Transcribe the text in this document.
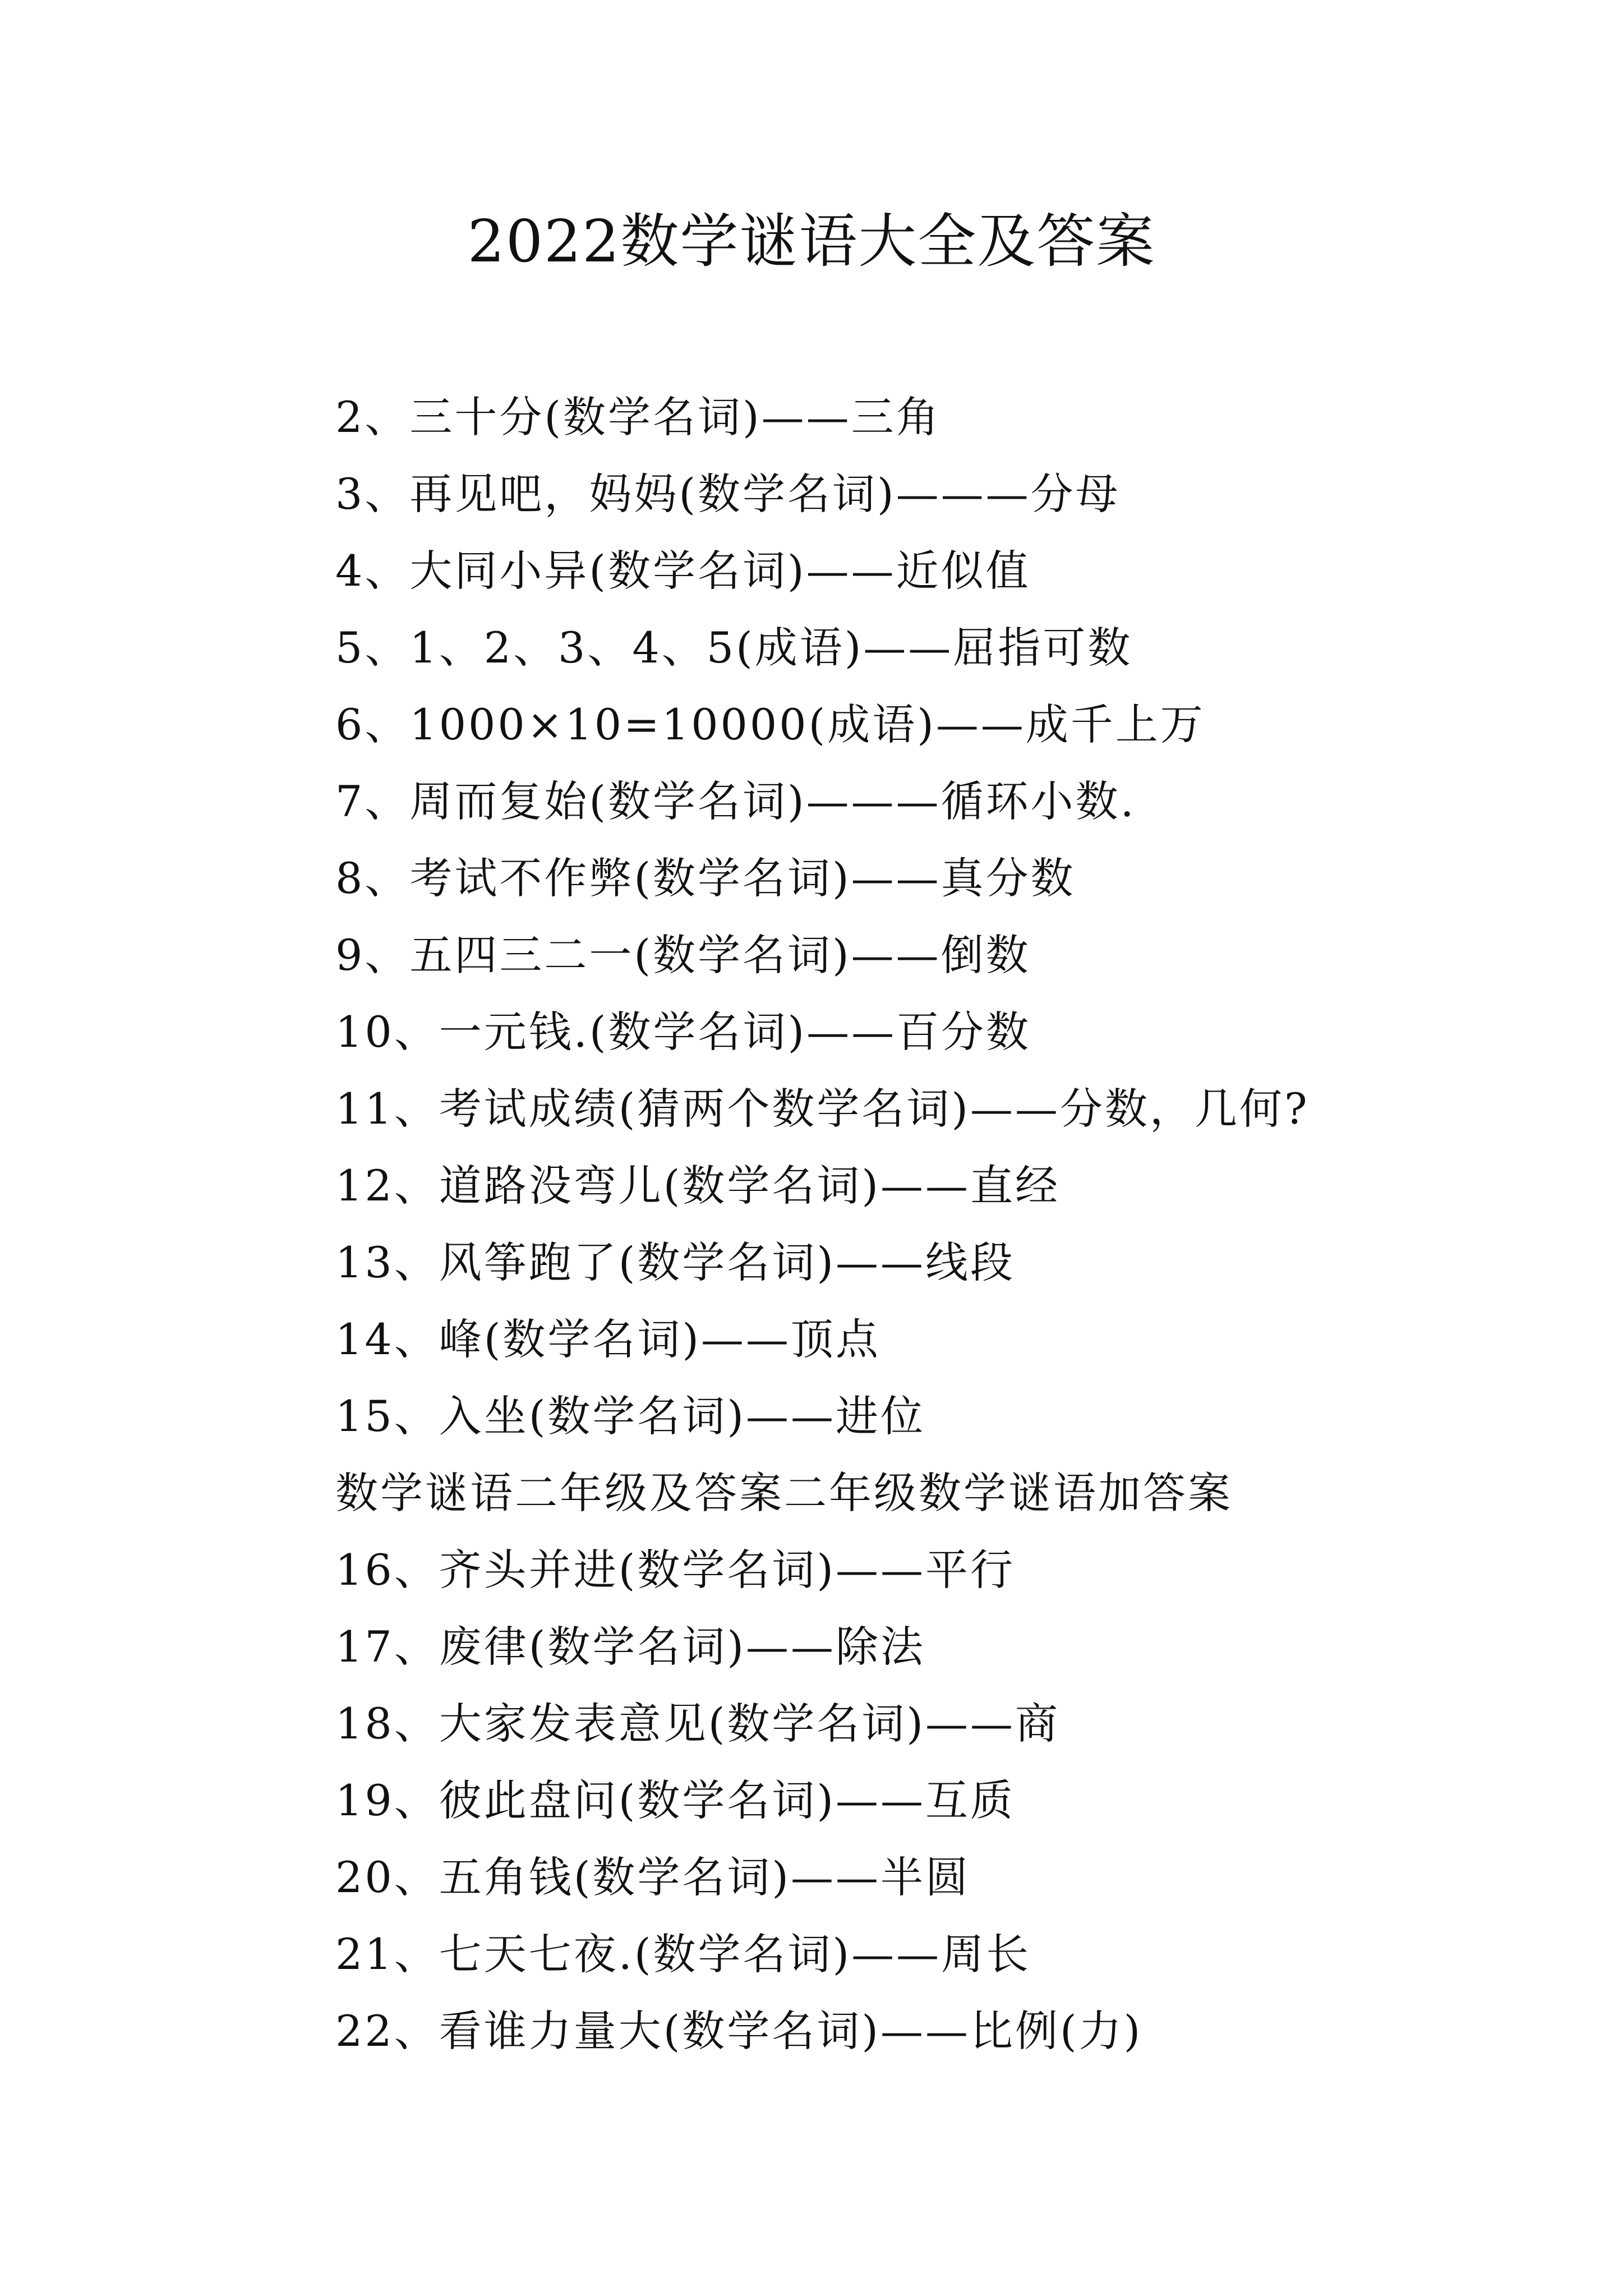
2022数学谜语大全及答案
2、三十分(数学名词)——三角
3、再见吧，妈妈(数学名词)———分母
4、大同小异(数学名词)——近似值
5、1、2、3、4、5(成语)——屈指可数
6、1000×10=10000(成语)——成千上万
7、周而复始(数学名词)———循环小数.
8、考试不作弊(数学名词)——真分数
9、五四三二一(数学名词)——倒数
10、一元钱.(数学名词)——百分数
11、考试成绩(猜两个数学名词)——分数，几何?
12、道路没弯儿(数学名词)——直经
13、风筝跑了(数学名词)——线段
14、峰(数学名词)——顶点
15、入坐(数学名词)——进位
数学谜语二年级及答案二年级数学谜语加答案
16、齐头并进(数学名词)——平行
17、废律(数学名词)——除法
18、大家发表意见(数学名词)——商
19、彼此盘问(数学名词)——互质
20、五角钱(数学名词)——半圆
21、七天七夜.(数学名词)——周长
22、看谁力量大(数学名词)——比例(力)
